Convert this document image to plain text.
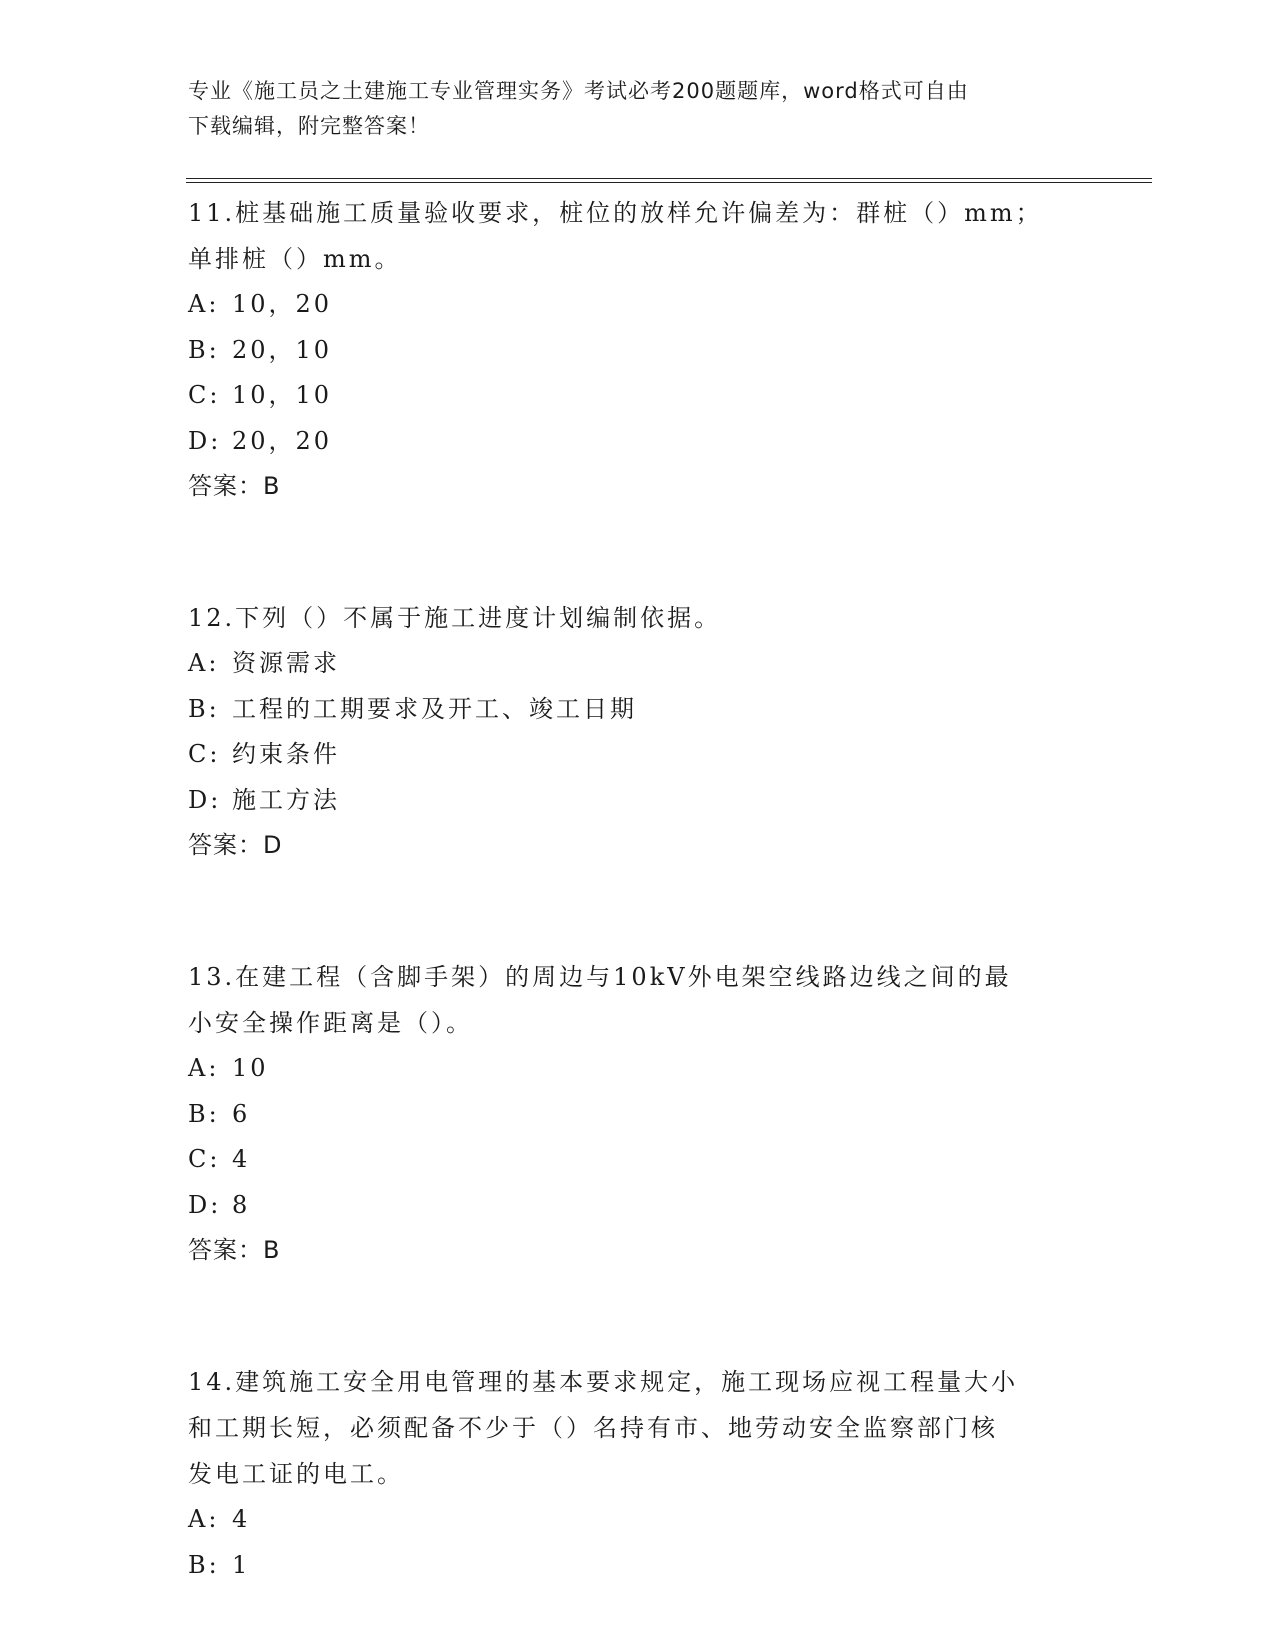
专业《施工员之土建施工专业管理实务》考试必考200题题库，word格式可自由
下载编辑，附完整答案！
11.桩基础施工质量验收要求，桩位的放样允许偏差为：群桩（）mm；
单排桩（）mm。
A: 10，20
B: 20，10
C: 10，10
D: 20，20
答案：B
12.下列（）不属于施工进度计划编制依据。
A: 资源需求
B: 工程的工期要求及开工、竣工日期
C: 约束条件
D: 施工方法
答案：D
13.在建工程（含脚手架）的周边与10kV外电架空线路边线之间的最
小安全操作距离是（）。
A: 10
B: 6
C: 4
D: 8
答案：B
14.建筑施工安全用电管理的基本要求规定，施工现场应视工程量大小
和工期长短，必须配备不少于（）名持有市、地劳动安全监察部门核
发电工证的电工。
A: 4
B: 1
